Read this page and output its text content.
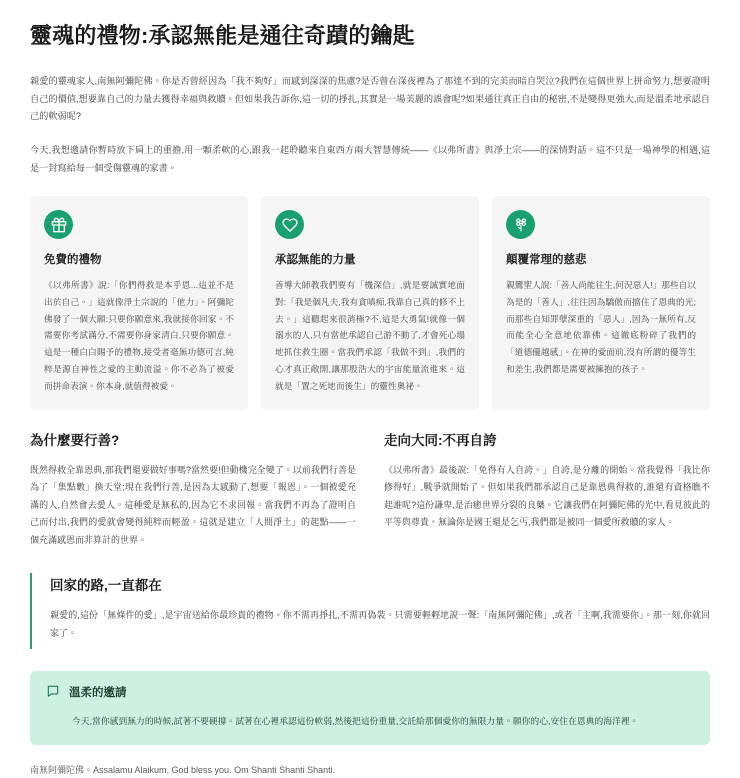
靈魂的禮物:承認無能是通往奇蹟的鑰匙

親愛的靈魂家人,南無阿彌陀佛。你是否曾經因為「我不夠好」而感到深深的焦慮?是否曾在深夜裡為了那達不到的完美而暗自哭泣?我們在這個世界上拼命努力,想要證明自己的價值,想要靠自己的力量去獲得幸福與救贖。但如果我告訴你,這一切的掙扎,其實是一場美麗的誤會呢?如果通往真正自由的秘密,不是變得更強大,而是溫柔地承認自己的軟弱呢?

今天,我想邀請你暫時放下肩上的重擔,用一顆柔軟的心,跟我一起聆聽來自東西方兩大智慧傳統——《以弗所書》與淨土宗——的深情對話。這不只是一場神學的相遇,這是一封寫給每一個受傷靈魂的家書。

免費的禮物

《以弗所書》說:「你們得救是本乎恩...這並不是出於自己。」這就像淨土宗說的「他力」。阿彌陀佛發了一個大願:只要你願意來,我就接你回家。不需要你考試滿分,不需要你身家清白,只要你願意。這是一種白白賜予的禮物,接受者毫無功德可言,純粹是源自神性之愛的主動流溢。你不必為了被愛而拼命表演。你本身,就值得被愛。

承認無能的力量

善導大師教我們要有「機深信」,就是要誠實地面對:「我是個凡夫,我有貪嗔痴,我靠自己真的修不上去。」這聽起來很消極?不,這是大勇氣!就像一個溺水的人,只有當他承認自己游不動了,才會死心塌地抓住救生圈。當我們承認「我做不到」,我們的心才真正敞開,讓那股浩大的宇宙能量流進來。這就是「置之死地而後生」的靈性奧祕。

顛覆常理的慈悲

親鸞聖人說:「善人尚能往生,何況惡人!」那些自以為是的「善人」,往往因為驕傲而擋住了恩典的光;而那些自知罪孽深重的「惡人」,因為一無所有,反而能全心全意地依靠佛。這徹底粉碎了我們的「道德優越感」。在神的愛面前,沒有所謂的優等生和差生,我們都是需要被擁抱的孩子。

為什麼要行善?

既然得救全靠恩典,那我們還要做好事嗎?當然要!但動機完全變了。以前我們行善是為了「集點數」換天堂;現在我們行善,是因為太感動了,想要「報恩」。一個被愛充滿的人,自然會去愛人。這種愛是無私的,因為它不求回報。當我們不再為了證明自己而付出,我們的愛就會變得純粹而輕盈。這就是建立「人間淨土」的起點——一個充滿感恩而非算計的世界。

走向大同:不再自誇

《以弗所書》最後說:「免得有人自誇。」自誇,是分離的開始。當我覺得「我比你修得好」,戰爭就開始了。但如果我們都承認自己是靠恩典得救的,誰還有資格瞧不起誰呢?這份謙卑,是治癒世界分裂的良藥。它讓我們在阿彌陀佛的光中,看見彼此的平等與尊貴。無論你是國王還是乞丐,我們都是被同一個愛所救贖的家人。

回家的路,一直都在

親愛的,這份「無條件的愛」,是宇宙送給你最珍貴的禮物。你不需再掙扎,不需再偽裝。只需要輕輕地說一聲:「南無阿彌陀佛」,或者「主啊,我需要你」。那一刻,你就回家了。

溫柔的邀請

今天,當你感到無力的時候,試著不要硬撐。試著在心裡承認這份軟弱,然後把這份重量,交託給那個愛你的無限力量。願你的心,安住在恩典的海洋裡。

南無阿彌陀佛。Assalamu Alaikum. God bless you. Om Shanti Shanti Shanti.
